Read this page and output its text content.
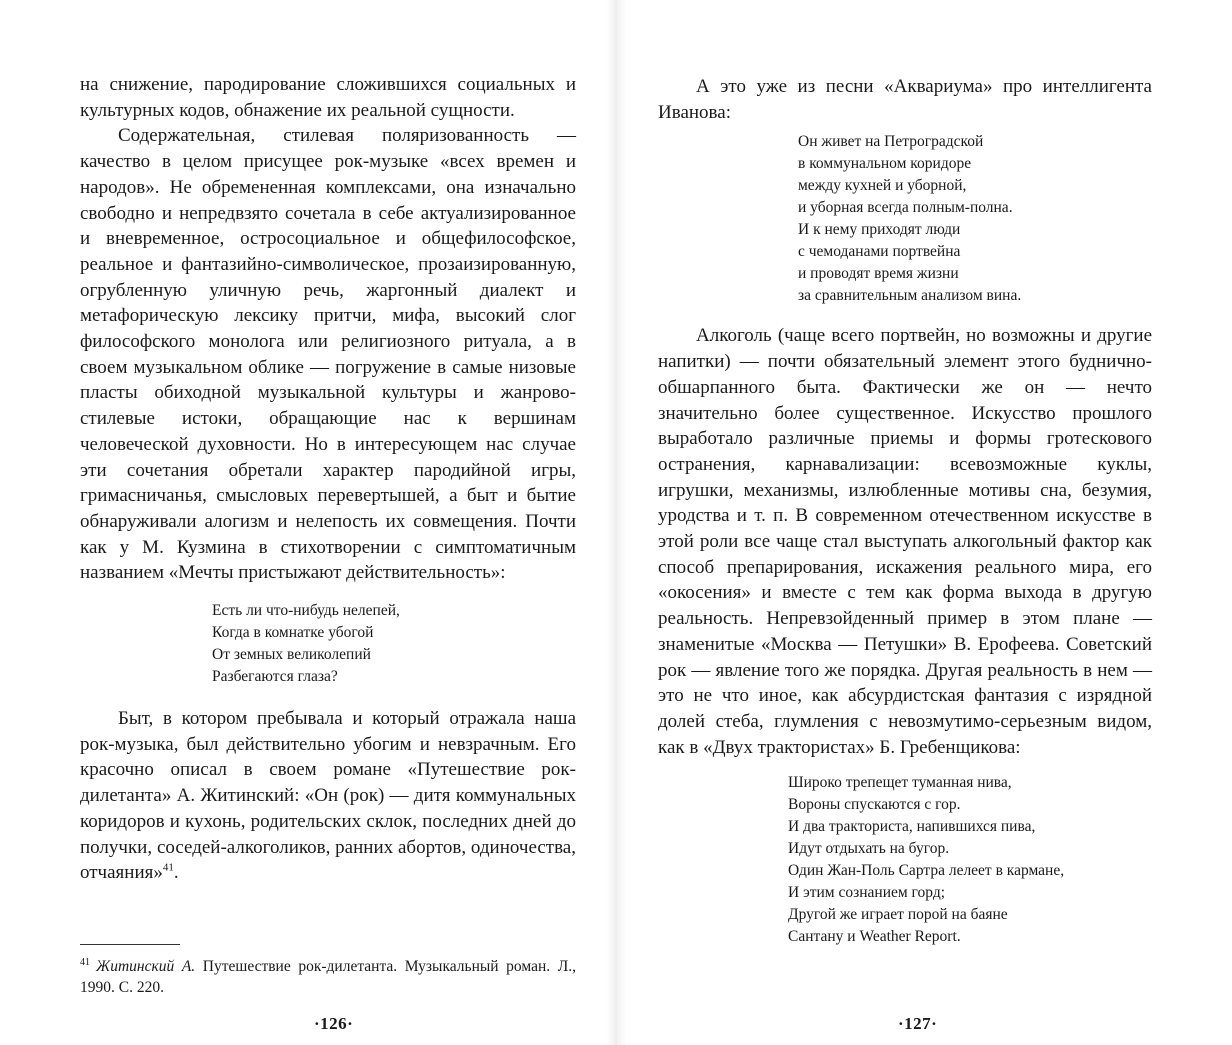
на снижение, пародирование сложившихся социальных и культурных кодов, обнажение их реальной сущности.

Содержательная, стилевая поляризованность — качество в целом присущее рок-музыке «всех времен и народов». Не обремененная комплексами, она изначально свободно и непредвзято сочетала в себе актуализированное и вневременное, остросоциальное и общефилософское, реальное и фантазийно-символическое, прозаизированную, огрубленную уличную речь, жаргонный диалект и метафорическую лексику притчи, мифа, высокий слог философского монолога или религиозного ритуала, а в своем музыкальном облике — погружение в самые низовые пласты обиходной музыкальной культуры и жанрово-стилевые истоки, обращающие нас к вершинам человеческой духовности. Но в интересующем нас случае эти сочетания обретали характер пародийной игры, гримасничанья, смысловых перевертышей, а быт и бытие обнаруживали алогизм и нелепость их совмещения. Почти как у М. Кузмина в стихотворении с симптоматичным названием «Мечты пристыжают действительность»:

Есть ли что-нибудь нелепей,
Когда в комнатке убогой
От земных великолепий
Разбегаются глаза?

Быт, в котором пребывала и который отражала наша рок-музыка, был действительно убогим и невзрачным. Его красочно описал в своем романе «Путешествие рок-дилетанта» А. Житинский: «Он (рок) — дитя коммунальных коридоров и кухонь, родительских склок, последних дней до получки, соседей-алкоголиков, ранних абортов, одиночества, отчаяния»$^{41}$.

$^{41}$ Житинский А. Путешествие рок-дилетанта. Музыкальный роман. Л., 1990. С. 220.
·126·

А это уже из песни «Аквариума» про интеллигента Иванова:

Он живет на Петроградской
в коммунальном коридоре
между кухней и уборной,
и уборная всегда полным-полна.
И к нему приходят люди
с чемоданами портвейна
и проводят время жизни
за сравнительным анализом вина.

Алкоголь (чаще всего портвейн, но возможны и другие напитки) — почти обязательный элемент этого буднично-обшарпанного быта. Фактически же он — нечто значительно более существенное. Искусство прошлого выработало различные приемы и формы гротескового остранения, карнавализации: всевозможные куклы, игрушки, механизмы, излюбленные мотивы сна, безумия, уродства и т. п. В современном отечественном искусстве в этой роли все чаще стал выступать алкогольный фактор как способ препарирования, искажения реального мира, его «окосения» и вместе с тем как форма выхода в другую реальность. Непревзойденный пример в этом плане — знаменитые «Москва — Петушки» В. Ерофеева. Советский рок — явление того же порядка. Другая реальность в нем — это не что иное, как абсурдистская фантазия с изрядной долей стеба, глумления с невозмутимо-серьезным видом, как в «Двух трактористах» Б. Гребенщикова:

Широко трепещет туманная нива,
Вороны спускаются с гор.
И два тракториста, напившихся пива,
Идут отдыхать на бугор.
Один Жан-Поль Сартра лелеет в кармане,
И этим сознанием горд;
Другой же играет порой на баяне
Сантану и Weather Report.
·127·
